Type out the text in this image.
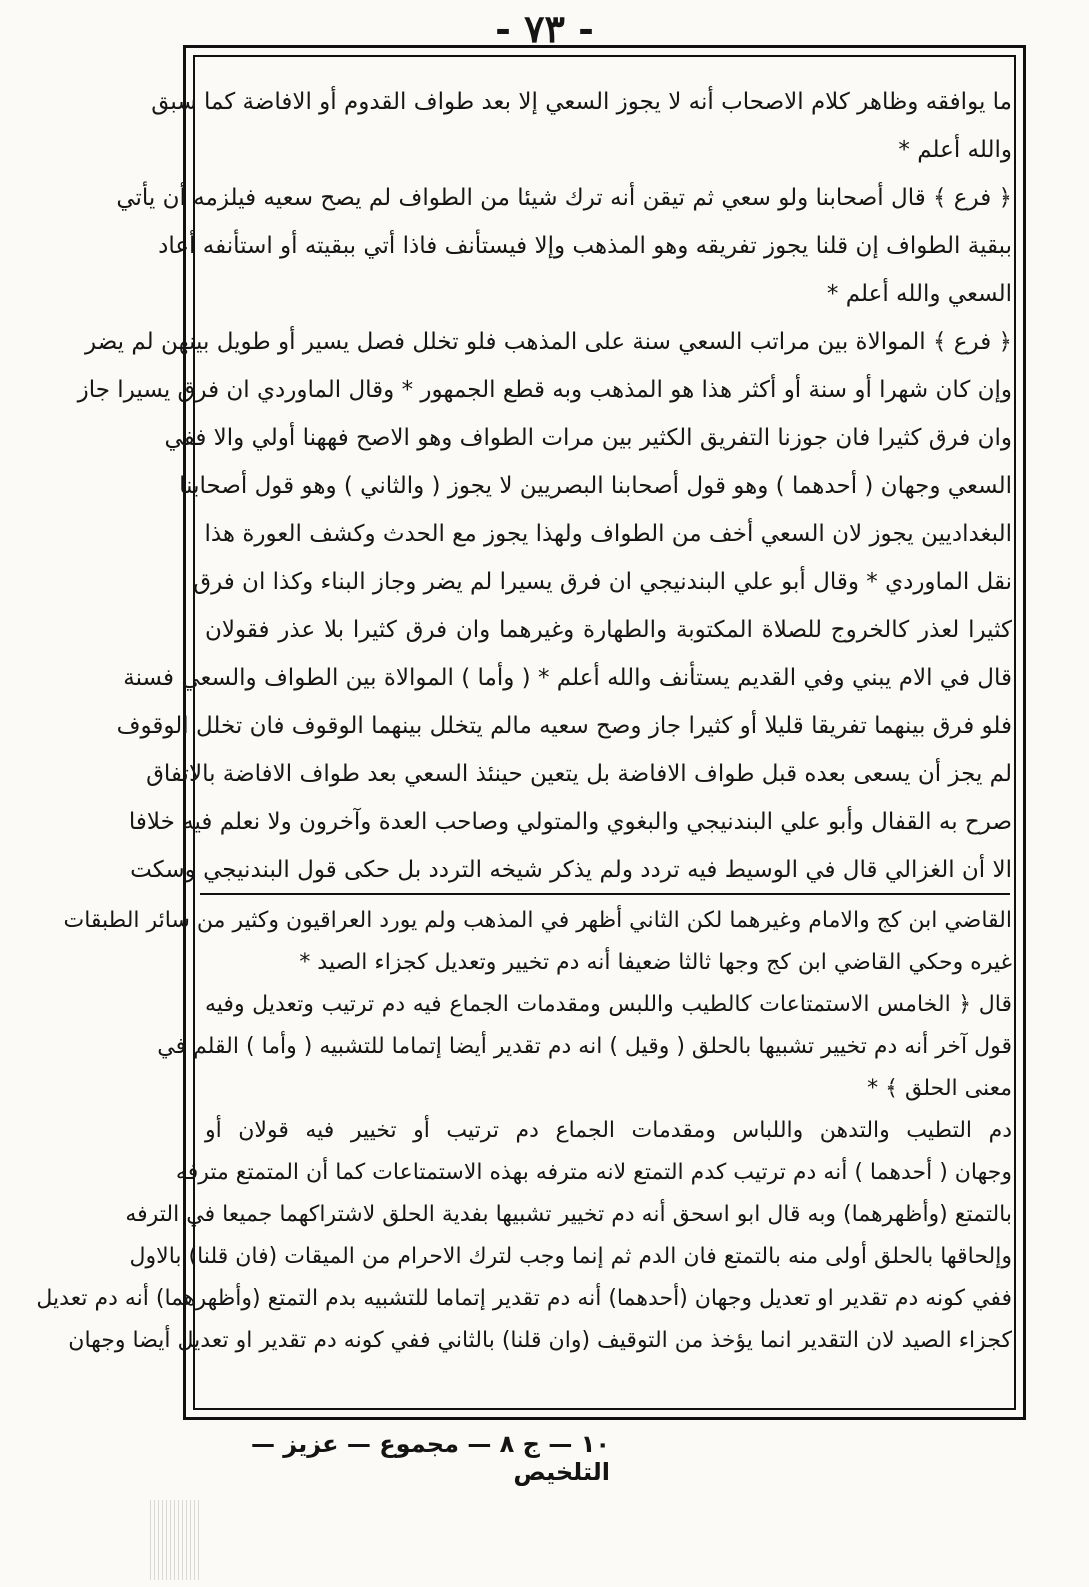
- ٧٣ -
ما يوافقه وظاهر كلام الاصحاب أنه لا يجوز السعي إلا بعد طواف القدوم أو الافاضة كما سبق
والله أعلم *
﴿ فرع ﴾ قال أصحابنا ولو سعي ثم تيقن أنه ترك شيئا من الطواف لم يصح سعيه فيلزمه أن يأتي
ببقية الطواف إن قلنا يجوز تفريقه وهو المذهب وإلا فيستأنف فاذا أتي ببقيته أو استأنفه أعاد
السعي والله أعلم *
﴿ فرع ﴾ الموالاة بين مراتب السعي سنة على المذهب فلو تخلل فصل يسير أو طويل بينهن لم يضر
وإن كان شهرا أو سنة أو أكثر هذا هو المذهب وبه قطع الجمهور * وقال الماوردي ان فرق يسيرا جاز
وان فرق كثيرا فان جوزنا التفريق الكثير بين مرات الطواف وهو الاصح فههنا أولي والا ففي
السعي وجهان ( أحدهما ) وهو قول أصحابنا البصريين لا يجوز ( والثاني ) وهو قول أصحابنا
البغداديين يجوز لان السعي أخف من الطواف ولهذا يجوز مع الحدث وكشف العورة هذا
نقل الماوردي * وقال أبو علي البندنيجي ان فرق يسيرا لم يضر وجاز البناء وكذا ان فرق
كثيرا لعذر كالخروج للصلاة المكتوبة والطهارة وغيرهما وان فرق كثيرا بلا عذر فقولان
قال في الام يبني وفي القديم يستأنف والله أعلم * ( وأما ) الموالاة بين الطواف والسعي فسنة
فلو فرق بينهما تفريقا قليلا أو كثيرا جاز وصح سعيه مالم يتخلل بينهما الوقوف فان تخلل الوقوف
لم يجز أن يسعى بعده قبل طواف الافاضة بل يتعين حينئذ السعي بعد طواف الافاضة بالاتفاق
صرح به القفال وأبو علي البندنيجي والبغوي والمتولي وصاحب العدة وآخرون ولا نعلم فيه خلافا
الا أن الغزالي قال في الوسيط فيه تردد ولم يذكر شيخه التردد بل حكى قول البندنيجي وسكت
القاضي ابن كج والامام وغيرهما لكن الثاني أظهر في المذهب ولم يورد العراقيون وكثير من سائر الطبقات
غيره وحكي القاضي ابن كج وجها ثالثا ضعيفا أنه دم تخيير وتعديل كجزاء الصيد *
قال ﴿ الخامس الاستمتاعات كالطيب واللبس ومقدمات الجماع فيه دم ترتيب وتعديل وفيه
قول آخر أنه دم تخيير تشبيها بالحلق ( وقيل ) انه دم تقدير أيضا إتماما للتشبيه ( وأما ) القلم في
معنى الحلق ﴾ *
دم التطيب والتدهن واللباس ومقدمات الجماع دم ترتيب أو تخيير فيه قولان أو
وجهان ( أحدهما ) أنه دم ترتيب كدم التمتع لانه مترفه بهذه الاستمتاعات كما أن المتمتع مترفه
بالتمتع (وأظهرهما) وبه قال ابو اسحق أنه دم تخيير تشبيها بفدية الحلق لاشتراكهما جميعا في الترفه
وإلحاقها بالحلق أولى منه بالتمتع فان الدم ثم إنما وجب لترك الاحرام من الميقات (فان قلنا) بالاول
ففي كونه دم تقدير او تعديل وجهان (أحدهما) أنه دم تقدير إتماما للتشبيه بدم التمتع (وأظهرهما) أنه دم تعديل
كجزاء الصيد لان التقدير انما يؤخذ من التوقيف (وان قلنا) بالثاني ففي كونه دم تقدير او تعديل أيضا وجهان
١٠ — ج ٨ — مجموع — عزيز — التلخيص
